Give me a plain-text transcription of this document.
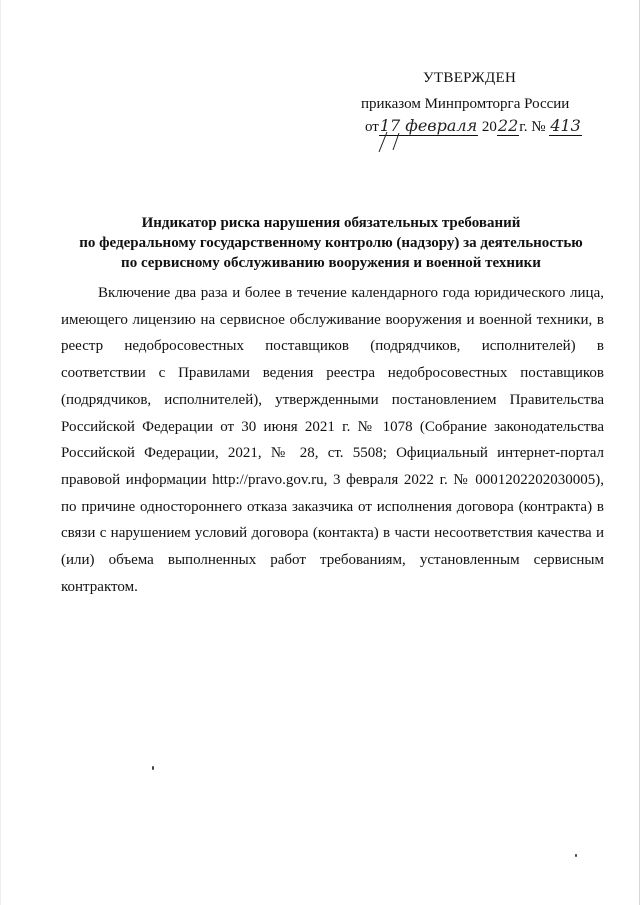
УТВЕРЖДЕН
приказом Минпромторга России
от17 февраля 2022г. № 413
Индикатор риска нарушения обязательных требований
по федеральному государственному контролю (надзору) за деятельностью
по сервисному обслуживанию вооружения и военной техники

Включение два раза и более в течение календарного года юридического лица, имеющего лицензию на сервисное обслуживание вооружения и военной техники, в реестр недобросовестных поставщиков (подрядчиков, исполнителей) в соответствии с Правилами ведения реестра недобросовестных поставщиков (подрядчиков, исполнителей), утвержденными постановлением Правительства Российской Федерации от 30 июня 2021 г. № 1078 (Собрание законодательства Российской Федерации, 2021, № 28, ст. 5508; Официальный интернет-портал правовой информации http://pravo.gov.ru, 3 февраля 2022 г. № 0001202202030005), по причине одностороннего отказа заказчика от исполнения договора (контракта) в связи с нарушением условий договора (контакта) в части несоответствия качества и (или) объема выполненных работ требованиям, установленным сервисным контрактом.
